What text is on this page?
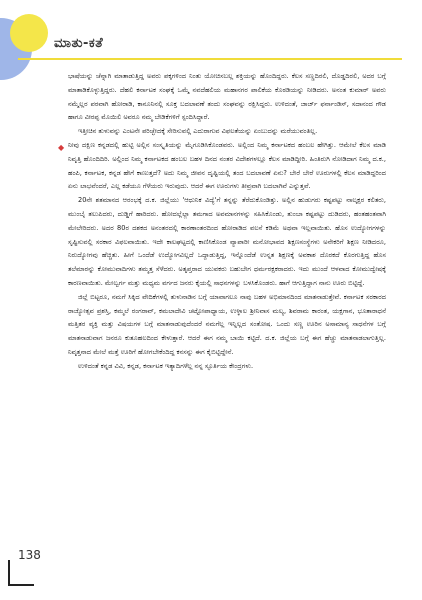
ಮಾತು-ಕತೆ

ಭಾಷೆಯನ್ನು ಚೆನ್ನಾಗಿ ಮಾತಾಡುತ್ತಿದ್ದ ಅವರು ಪಕ್ಕಗಳಿಂದ ನಿಂತು ಯೋಚಿಸಬಲ್ಲ ಶಕ್ತಿಯನ್ನು ಹೊಂದಿದ್ದರು. ಕೆಲಸ ಸಣ್ಣದಿರಲಿ, ದೊಡ್ಡದಿರಲಿ, ಅದರ ಬಗ್ಗೆ ಮಾತಾಡಿಕೊಳ್ಳುತ್ತಿದ್ದರು. ದೆಹಲಿ ಕರ್ನಾಟಕ ಸಂಘಕ್ಕೆ ಒಮ್ಮೆ ನವದೆಹಲಿಯ ಮಹಾನಗರ ಪಾಲಿಕೆಯ ಕೊಠಡಿಯನ್ನು ನೀಡಿದರು. ಅನಂತ ಕುಮಾರ್ ಅವರು ನಮ್ಮೆಲ್ಲರ ಪರವಾಗಿ ಹೋರಾಡಿ, ಕಾನೂನಿನಲ್ಲಿ ಸೂಕ್ತ ಬದಲಾವಣೆ ತಂದು ಸಂಘವನ್ನು ರಕ್ಷಿಸಿದ್ದರು. ಉಳಿದಂತೆ, ಜಾರ್ಜ್ ಫರ್ನಾಂಡಿಸ್, ಸದಾನಂದ ಗೌಡ ಹಾಗೂ ವೀರಪ್ಪ ಮೊಯಿಲಿ ಅವರೂ ನಮ್ಮ ಬೇಡಿಕೆಗಳಿಗೆ ಸ್ಪಂದಿಸಿದ್ದಾರೆ.

ಇತ್ತೀಚಿನ ತುಳುವನ್ನು ಎಂಟನೇ ಪರಿಚ್ಛೇದಕ್ಕೆ ಸೇರಿಸುವಲ್ಲಿ ಎದುರಾಗುವ ವಿಫಲತೆಯನ್ನು ಏಂಬುದನ್ನು ಮರೆಯುವಂತಿಲ್ಲ.

◆ ನೀವು ದಕ್ಷಿಣ ಕನ್ನಡದಲ್ಲಿ ಹುಟ್ಟಿ ಅಲ್ಲಿನ ಸಂಸ್ಕೃತಿಯನ್ನು ಮೈಗೂಡಿಸಿಕೊಂಡವರು. ಅಲ್ಲಿಂದ ನಿಮ್ಮ ಕರ್ನಾಟಕದ ಹಂಬಲ ಹೇಗಿತ್ತು. ಆಮೇಲೆ ಕೆಲಸ ಮಾಡಿ ನಿವೃತ್ತಿ ಹೊಂದಿದಿರಿ. ಅಲ್ಲಿಂದ ನಿಮ್ಮ ಕರ್ನಾಟಕದ ಹಂಬಲ ಬಹಳ ದಿನದ ನಂತರ ವಿದೇಶಗಳಲ್ಲೂ ಕೆಲಸ ಮಾಡಿದ್ದೀರಿ. ಹಿಂತಿರುಗಿ ನೋಡಿದಾಗ ನಿಮ್ಮ ದ.ಕ., ಹಂಪಿ, ಕರ್ನಾಟಕ, ಕನ್ನಡ ಹೇಗೆ ಕಾಣುತ್ತದೆ? ಅದು ನಿಮ್ಮ ಜೀವನ ದೃಷ್ಟಿಯಲ್ಲಿ ತಂದ ಬದಲಾವಣೆ ಏನು? ಬೇರೆ ಬೇರೆ ಊರುಗಳಲ್ಲಿ ಕೆಲಸ ಮಾಡಿದ್ದರಿಂದ ಏನು ಲಾಭವೆಂದರೆ, ಎಲ್ಲ ಕಡೆಯೂ ಗೆಳೆಯರು ಇರುವುದು. ಆದರೆ ಈಗ ಊರುಗಳು ತೀವ್ರವಾಗಿ ಬದಲಾಗಿವೆ ಎನ್ನುತ್ತವೆ.

20ನೇ ಶತಮಾನದ ಆರಂಭಕ್ಕೆ ದ.ಕ. ಜಿಲ್ಲೆಯು 'ಆಧುನಿಕ ವಿದ್ಯೆ'ಗೆ ತನ್ನನ್ನು ತೆರೆದುಕೊಂಡಿತ್ತು. ಅಲ್ಲಿನ ಹುಡುಗರು ಕಷ್ಟಪಟ್ಟು ನಾಲ್ಕಕ್ಷರ ಕಲಿತರು, ಮುಂಬೈ ತಲುಪಿದರು, ದುಡ್ಡಿಗೆ ಹಾರಿದರು. ಹೋದಲ್ಲೆಲ್ಲಾ ತಮಗಾದ ಅವಮಾನಗಳನ್ನು ಸಹಿಸಿಕೊಂಡು, ತುಂಬಾ ಕಷ್ಟಪಟ್ಟು ದುಡಿದರು, ಹಂತಹಂತವಾಗಿ ಮೇಲೇರಿದರು. ಅದರ 80ರ ದಶಕದ ಅನಂತರದಲ್ಲಿ ಕಾರಣಾಂತರದಿಂದ ಹೋರಾಡಿದ ವಲಸೆ ಕಡಿಮೆ ಅಥವಾ ಇಲ್ಲವಾಯಿತು. ಹೊಸ ಉದ್ಯೋಗಗಳನ್ನು ಸೃಷ್ಟಿಸುವಲ್ಲಿ ಸರಕಾರ ವಿಫಲವಾಯಿತು. ಇದೇ ಕಾಲಘಟ್ಟದಲ್ಲಿ ಕಾಣಿಸಿಕೊಂಡ ವ್ಯಾಪಾರೀ ಮನೋಭಾವದ ಶಿಕ್ಷಣಸಂಸ್ಥೆಗಳು ಅನೇಕರಿಗೆ ಶಿಕ್ಷಣ ನೀಡಿದರೂ, ನಿರುದ್ಯೋಗವು ಹೆಚ್ಚಿತು. ಹೀಗೆ ಒಂದೆಡೆ ಉದ್ಯೋಗವಿಲ್ಲದೆ ಒದ್ದಾಡುತ್ತಿದ್ದ, ಇನ್ನೊಂದೆಡೆ ಉನ್ನತ ಶಿಕ್ಷಣಕ್ಕೆ ಅವಕಾಶ ದೊರಕದೆ ಕೊರಗುತ್ತಿದ್ದ ಹೊಸ ತಲೆಮಾರನ್ನು ಕೋಮುವಾದಿಗಳು ತಮ್ಮತ್ತ ಸೆಳೆದರು. ಅತೃಪ್ತರಾದ ಯುವಕರು ಬಹುಬೇಗ ಧರ್ಮರಕ್ಷಕರಾದರು. ಇದು ಮುಂದೆ ಆಳವಾದ ಕೋಮುದ್ವೇಷಕ್ಕೆ ಕಾರಣವಾಯಿತು. ಮೇಲ್ವರ್ಗ ಮತ್ತು ಮಧ್ಯಮ ವರ್ಗದ ಜನರು ಕೈಯಲ್ಲಿ ಸಾಧನಗಳನ್ನು ಬಳಸಿಕೊಂಡರು. ಹಾಗೆ ಆಗುತ್ತಿದ್ದಾಗ ನಾನು ಊರು ಬಿಟ್ಟಿದ್ದೆ.

ಜಿಲ್ಲೆ ಬಿಟ್ಟರೂ, ನಮಗೆ ಸಿಕ್ಕಿದ ವೇದಿಕೆಗಳಲ್ಲಿ ತುಳುನಾಡಿನ ಬಗ್ಗೆ ಯಾವಾಗಲೂ ನಾವು ಬಹಳ ಅಭಿಮಾನದಿಂದ ಮಾತನಾಡುತ್ತೇವೆ. ಕರ್ನಾಟಕ ಸರಕಾರದ ರಾಜ್ಯೋತ್ಸವ ಪ್ರಶಸ್ತಿ, ಕಮ್ಮಲೆ ರಂಗರಾವ್, ಕಮಲಾದೇವಿ ಚಟ್ಟೋಪಾಧ್ಯಾಯ, ಉಳ್ಳಾಲ ಶ್ರೀನಿವಾಸ ಮಲ್ಯ, ಶಿವರಾಮ ಕಾರಂತ, ಯಕ್ಷಗಾನ, ಭೂತಾರಾಧನೆ ಮತ್ತಿತರ ವ್ಯಕ್ತಿ ಮತ್ತು ವಿಷಯಗಳ ಬಗ್ಗೆ ಮಾತನಾಡುವುದೆಂದರೆ ನಮಗೆಲ್ಲ ಇನ್ನಿಲ್ಲದ ಸಂತೋಷ. ಒಂದು ಸಣ್ಣ ಊರಿನ ಅಸಾಮಾನ್ಯ ಸಾಧನೆಗಳ ಬಗ್ಗೆ ಮಾತನಾಡುವಾಗ ಜನರೂ ಕುತೂಹಲದಿಂದ ಕೇಳುತ್ತಾರೆ. ಆದರೆ ಈಗ ನಮ್ಮ ಬಾಯಿ ಕಟ್ಟಿದೆ. ದ.ಕ. ಜಿಲ್ಲೆಯ ಬಗ್ಗೆ ಈಗ ಹೆಚ್ಚು ಮಾತನಾಡಲಾಗುತ್ತಿಲ್ಲ. ನಿವೃತ್ತನಾದ ಮೇಲೆ ಮತ್ತೆ ಊರಿಗೆ ಹೋಗಬೇಕೆಂದಿದ್ದ ಕನಸನ್ನು ಈಗ ಕೈಬಿಟ್ಟಿದ್ದೇನೆ.

ಉಳಿದಂತೆ ಕನ್ನಡ ವಿವಿ, ಕನ್ನಡ, ಕರ್ನಾಟಕ ಇತ್ಯಾದಿಗಳೆಲ್ಲ ನನ್ನ ಸ್ಫೂರ್ತಿಯ ಕೇಂದ್ರಗಳು.

138
